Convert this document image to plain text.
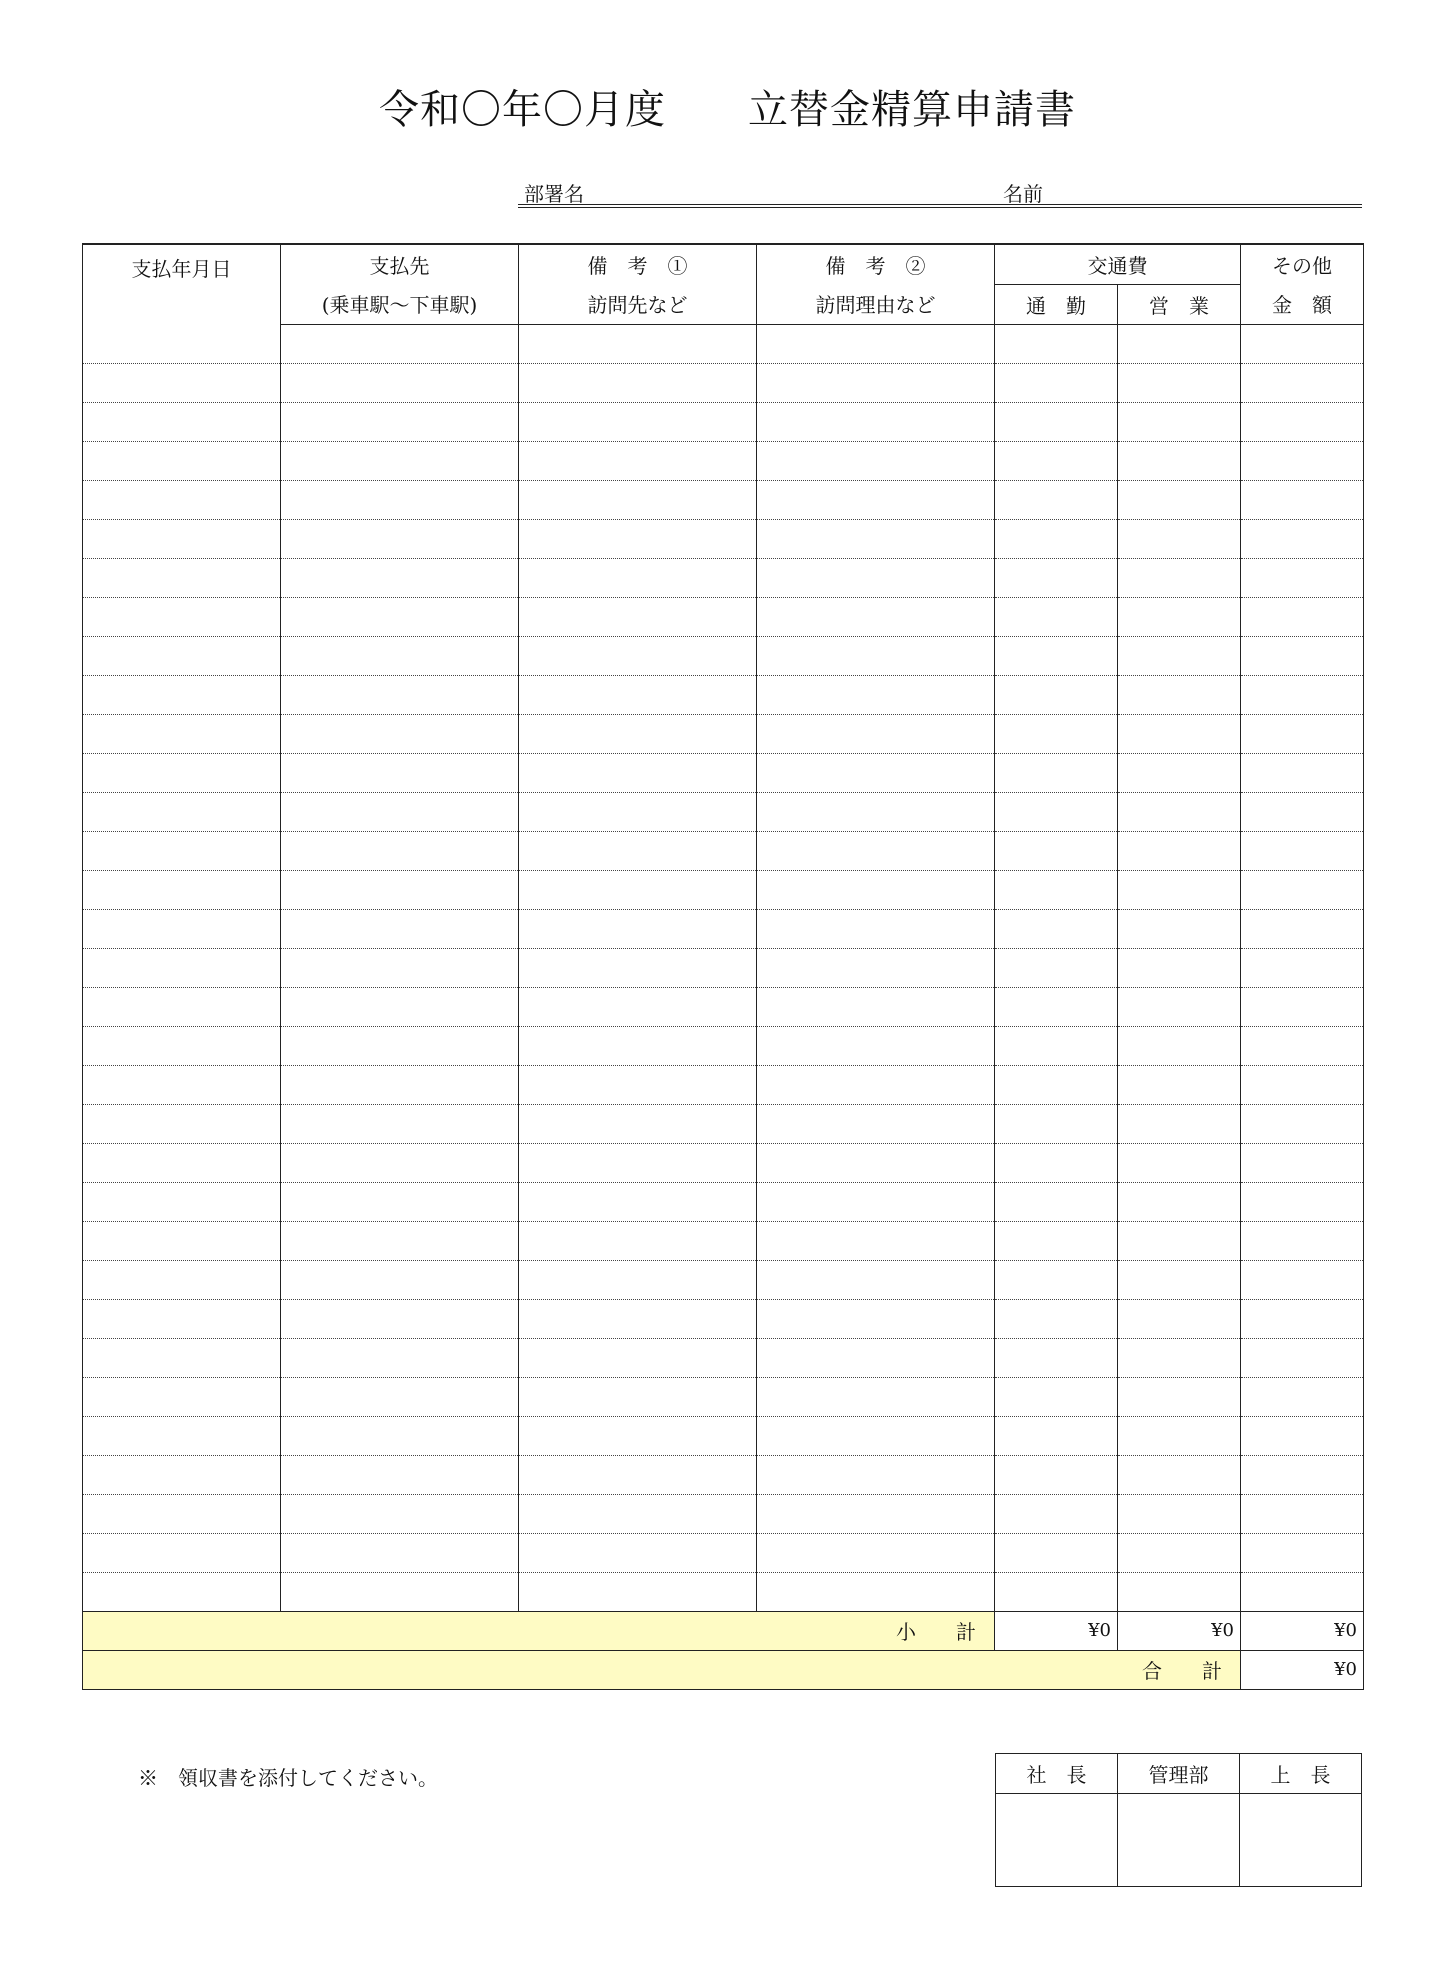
令和〇年〇月度　　立替金精算申請書
部署名	名前
支払年月日	支払先	備　考　①	備　考　②	交通費		その他
	(乗車駅～下車駅)	訪問先など	訪問理由など	通　勤	営　業	金　額

小　　計				¥0	¥0	¥0
合　　計						¥0
※　領収書を添付してください。	社　長	管理部	上　長
